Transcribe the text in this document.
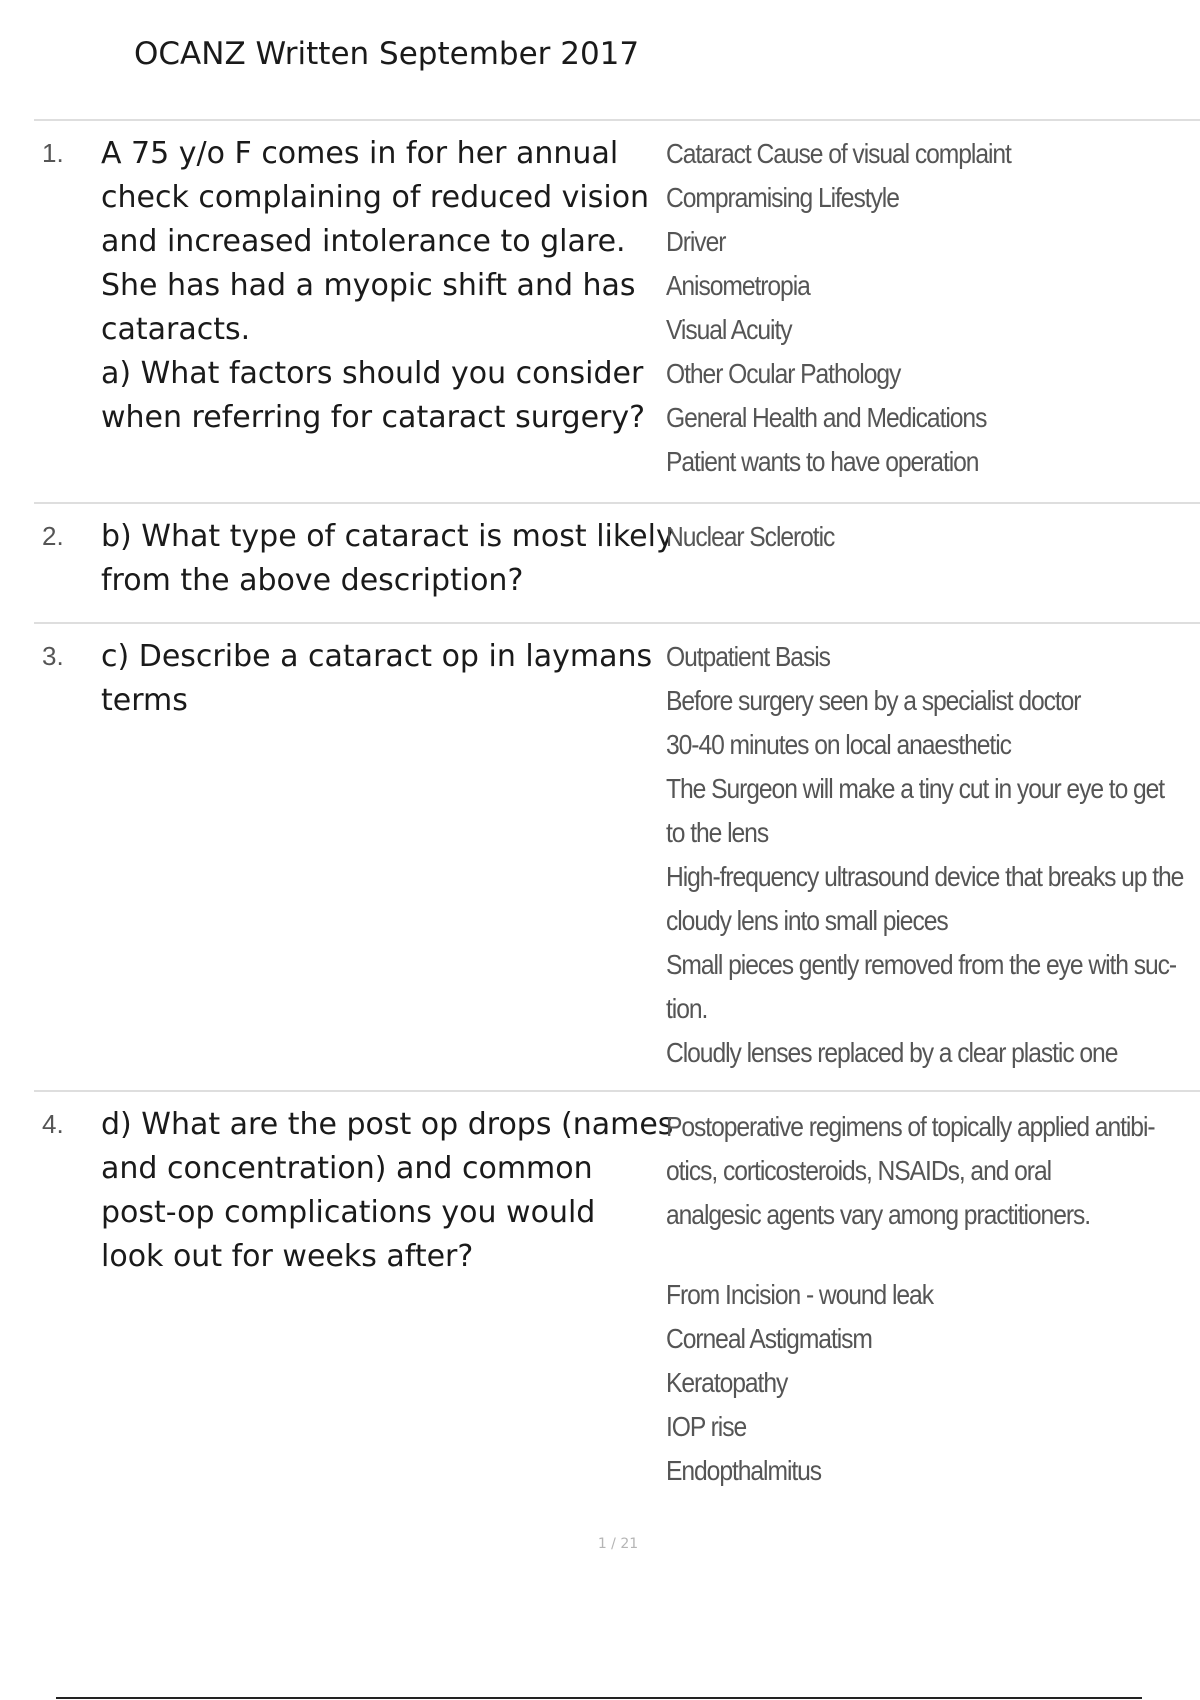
OCANZ Written September 2017
1. A 75 y/o F comes in for her annual
check complaining of reduced vision
and increased intolerance to glare.
She has had a myopic shift and has
cataracts.
a) What factors should you consider
when referring for cataract surgery?
Cataract Cause of visual complaint
Compramising Lifestyle
Driver
Anisometropia
Visual Acuity
Other Ocular Pathology
General Health and Medications
Patient wants to have operation
2. b) What type of cataract is most likely
from the above description?
Nuclear Sclerotic
3. c) Describe a cataract op in laymans
terms
Outpatient Basis
Before surgery seen by a specialist doctor
30-40 minutes on local anaesthetic
The Surgeon will make a tiny cut in your eye to get
to the lens
High-frequency ultrasound device that breaks up the
cloudy lens into small pieces
Small pieces gently removed from the eye with suc-
tion.
Cloudly lenses replaced by a clear plastic one
4. d) What are the post op drops (names
and concentration) and common
post-op complications you would
look out for weeks after?
Postoperative regimens of topically applied antibi-
otics, corticosteroids, NSAIDs, and oral
analgesic agents vary among practitioners.
From Incision - wound leak
Corneal Astigmatism
Keratopathy
IOP rise
Endopthalmitus
1 / 21
